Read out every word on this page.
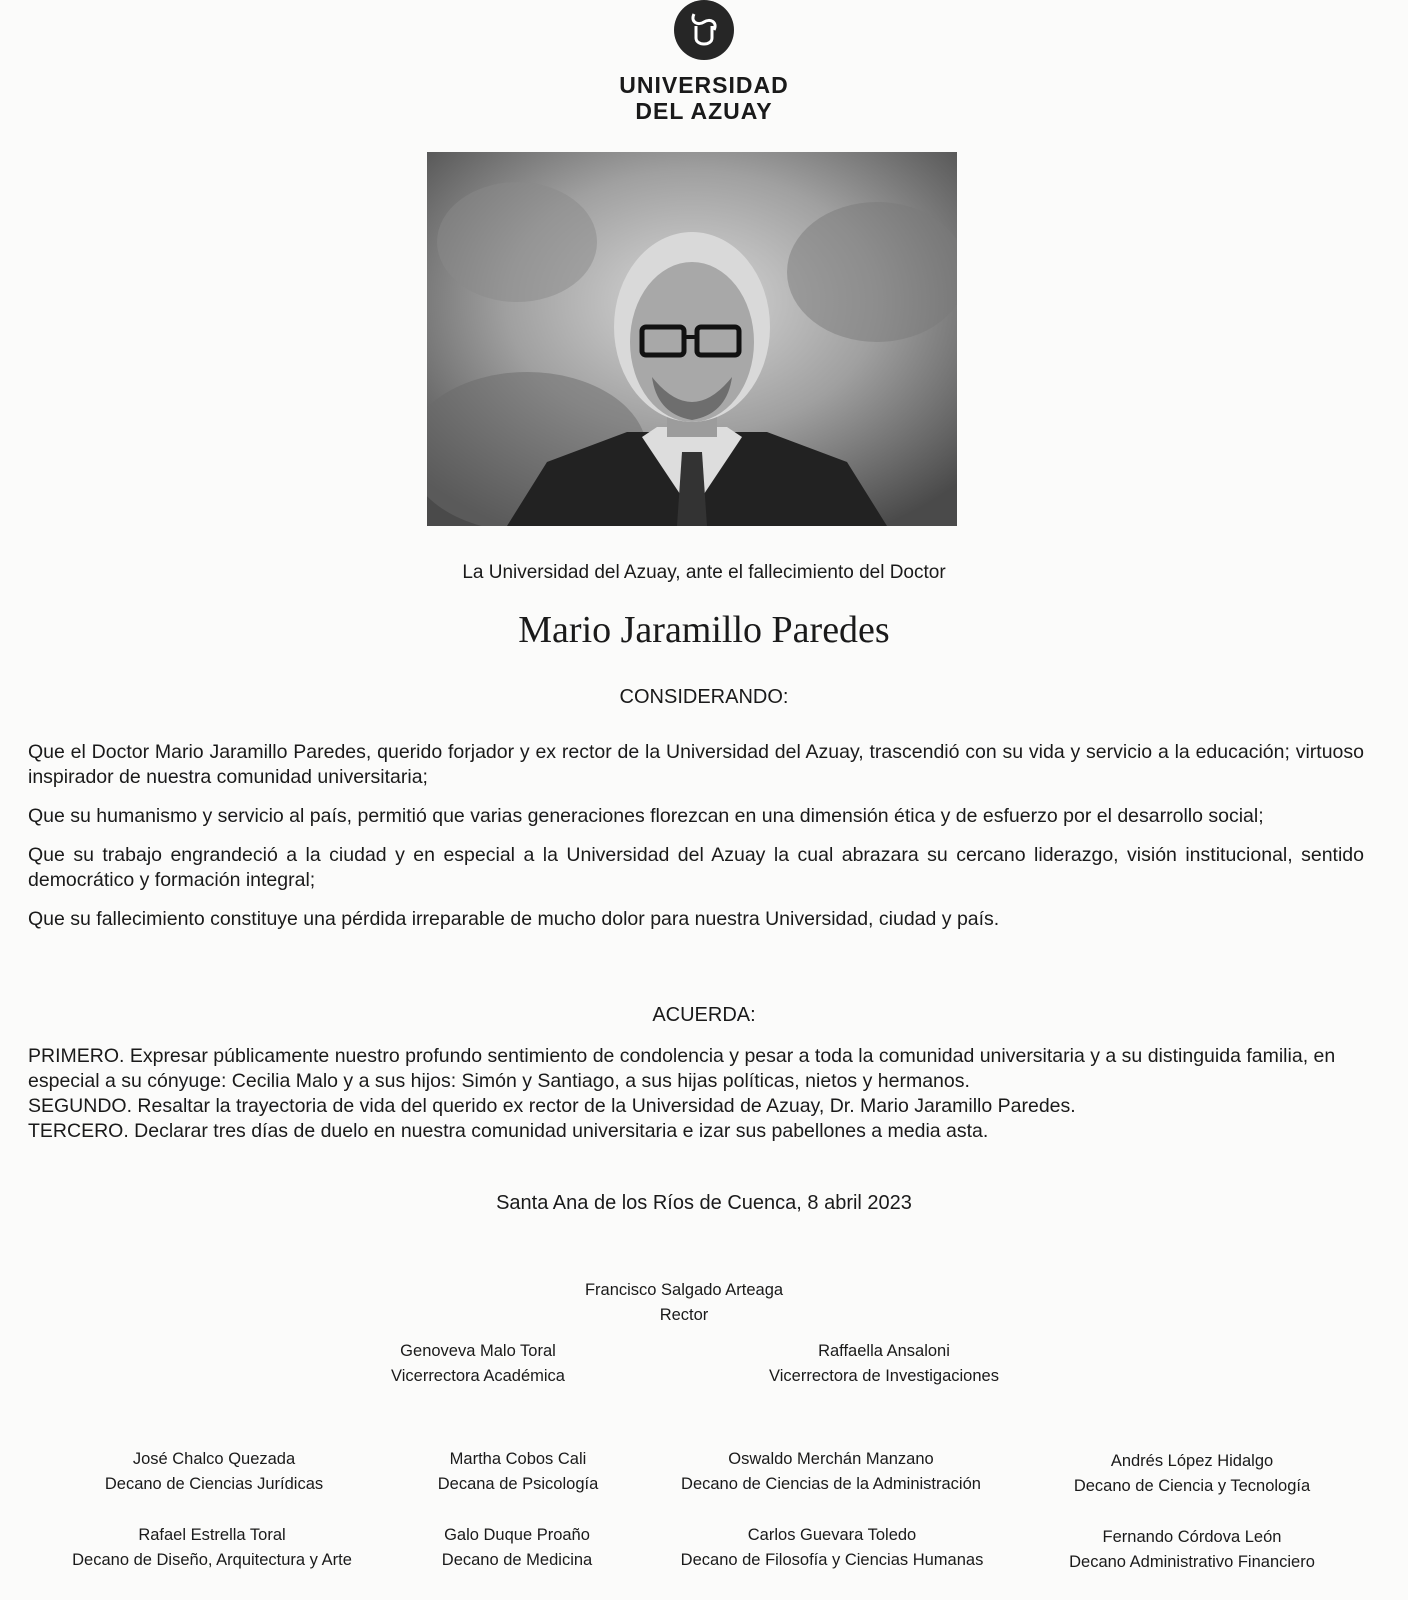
UNIVERSIDAD
DEL AZUAY
La Universidad del Azuay, ante el fallecimiento del Doctor
Mario Jaramillo Paredes
CONSIDERANDO:

Que el Doctor Mario Jaramillo Paredes, querido forjador y ex rector de la Universidad del Azuay, trascendió con su vida y servicio a la educación; virtuoso inspirador de nuestra comunidad universitaria;

Que su humanismo y servicio al país, permitió que varias generaciones florezcan en una dimensión ética y de esfuerzo por el desarrollo social;

Que su trabajo engrandeció a la ciudad y en especial a la Universidad del Azuay la cual abrazara su cercano liderazgo, visión institucional, sentido democrático y formación integral;

Que su fallecimiento constituye una pérdida irreparable de mucho dolor para nuestra Universidad, ciudad y país.

ACUERDA:

PRIMERO. Expresar públicamente nuestro profundo sentimiento de condolencia y pesar a toda la comunidad universitaria y a su distinguida familia, en especial a su cónyuge: Cecilia Malo y a sus hijos: Simón y Santiago, a sus hijas políticas, nietos y hermanos.

SEGUNDO. Resaltar la trayectoria de vida del querido ex rector de la Universidad de Azuay, Dr. Mario Jaramillo Paredes.

TERCERO. Declarar tres días de duelo en nuestra comunidad universitaria e izar sus pabellones a media asta.

Santa Ana de los Ríos de Cuenca, 8 abril 2023
Francisco Salgado Arteaga
Rector
Genoveva Malo Toral
Vicerrectora Académica
Raffaella Ansaloni
Vicerrectora de Investigaciones
José Chalco Quezada
Decano de Ciencias Jurídicas
Martha Cobos Cali
Decana de Psicología
Oswaldo Merchán Manzano
Decano de Ciencias de la Administración
Andrés López Hidalgo
Decano de Ciencia y Tecnología
Rafael Estrella Toral
Decano de Diseño, Arquitectura y Arte
Galo Duque Proaño
Decano de Medicina
Carlos Guevara Toledo
Decano de Filosofía y Ciencias Humanas
Fernando Córdova León
Decano Administrativo Financiero
